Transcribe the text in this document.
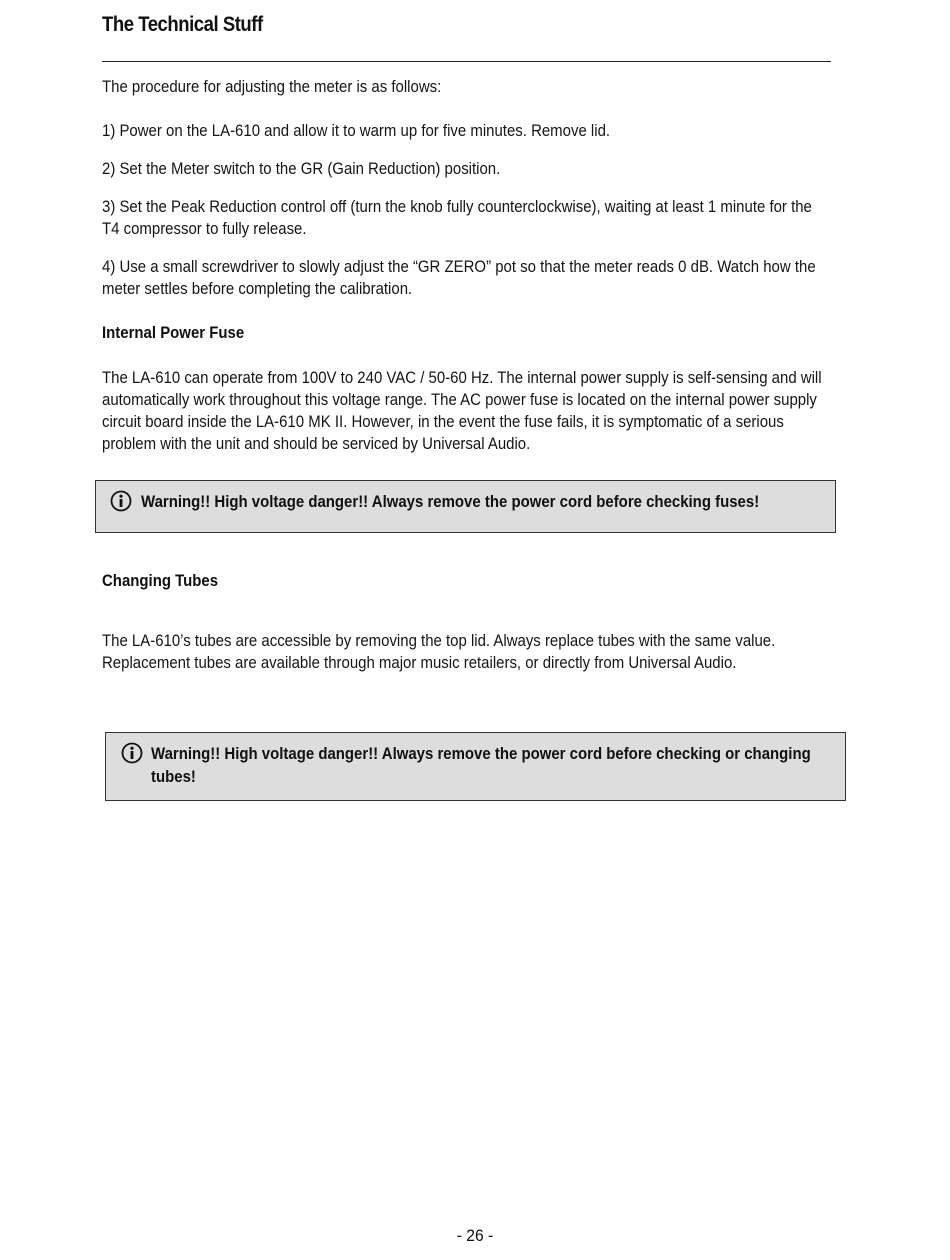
The Technical Stuff
The procedure for adjusting the meter is as follows:
1) Power on the LA-610 and allow it to warm up for five minutes. Remove lid.
2) Set the Meter switch to the GR (Gain Reduction) position.
3) Set the Peak Reduction control off (turn the knob fully counterclockwise), waiting at least 1 minute for the T4 compressor to fully release.
4) Use a small screwdriver to slowly adjust the “GR ZERO” pot so that the meter reads 0 dB. Watch how the meter settles before completing the calibration.
Internal Power Fuse
The LA-610 can operate from 100V to 240 VAC / 50-60 Hz. The internal power supply is self-sensing and will automatically work throughout this voltage range. The AC power fuse is located on the internal power supply circuit board inside the LA-610 MK II. However, in the event the fuse fails, it is symptomatic of a serious problem with the unit and should be serviced by Universal Audio.
Warning!! High voltage danger!! Always remove the power cord before checking fuses!
Changing Tubes
The LA-610’s tubes are accessible by removing the top lid. Always replace tubes with the same value. Replacement tubes are available through major music retailers, or directly from Universal Audio.
Warning!! High voltage danger!! Always remove the power cord before checking or changing tubes!
- 26 -
